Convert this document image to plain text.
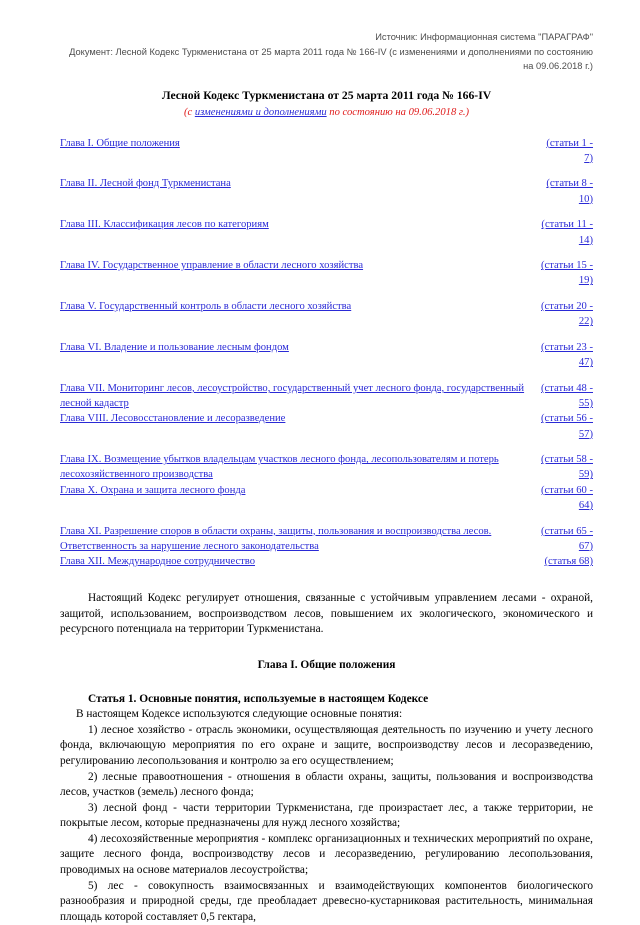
Источник: Информационная система "ПАРАГРАФ"
Документ: Лесной Кодекс Туркменистана от 25 марта 2011 года № 166-IV (с изменениями и дополнениями по состоянию на 09.06.2018 г.)
Лесной Кодекс Туркменистана от 25 марта 2011 года № 166-IV
(с изменениями и дополнениями по состоянию на 09.06.2018 г.)
Глава I. Общие положения	(статьи 1 - 7)
Глава II. Лесной фонд Туркменистана	(статьи 8 - 10)
Глава III. Классификация лесов по категориям	(статьи 11 - 14)
Глава IV. Государственное управление в области лесного хозяйства	(статьи 15 - 19)
Глава V. Государственный контроль в области лесного хозяйства	(статьи 20 - 22)
Глава VI. Владение и пользование лесным фондом	(статьи 23 - 47)
Глава VII. Мониторинг лесов, лесоустройство, государственный учет лесного фонда, государственный лесной кадастр
(статьи 48 - 55)
Глава VIII. Лесовосстановление и лесоразведение	(статьи 56 - 57)
Глава IX. Возмещение убытков владельцам участков лесного фонда, лесопользователям и потерь лесохозяйственного производства
(статьи 58 - 59)
Глава X. Охрана и защита лесного фонда	(статьи 60 - 64)
Глава XI. Разрешение споров в области охраны, защиты, пользования и воспроизводства лесов. Ответственность за нарушение лесного законодательства
(статьи 65 - 67)
Глава XII. Международное сотрудничество	(статья 68)

Настоящий Кодекс регулирует отношения, связанные с устойчивым управлением лесами - охраной, защитой, использованием, воспроизводством лесов, повышением их экологического, экономического и ресурсного потенциала на территории Туркменистана.

Глава I. Общие положения
Статья 1. Основные понятия, используемые в настоящем Кодексе
В настоящем Кодексе используются следующие основные понятия:

1) лесное хозяйство - отрасль экономики, осуществляющая деятельность по изучению и учету лесного фонда, включающую мероприятия по его охране и защите, воспроизводству лесов и лесоразведению, регулированию лесопользования и контролю за его осуществлением;

2) лесные правоотношения - отношения в области охраны, защиты, пользования и воспроизводства лесов, участков (земель) лесного фонда;

3) лесной фонд - части территории Туркменистана, где произрастает лес, а также территории, не покрытые лесом, которые предназначены для нужд лесного хозяйства;

4) лесохозяйственные мероприятия - комплекс организационных и технических мероприятий по охране, защите лесного фонда, воспроизводству лесов и лесоразведению, регулированию лесопользования, проводимых на основе материалов лесоустройства;

5) лес - совокупность взаимосвязанных и взаимодействующих компонентов биологического разнообразия и природной среды, где преобладает древесно-кустарниковая растительность, минимальная площадь которой составляет 0,5 гектара,
